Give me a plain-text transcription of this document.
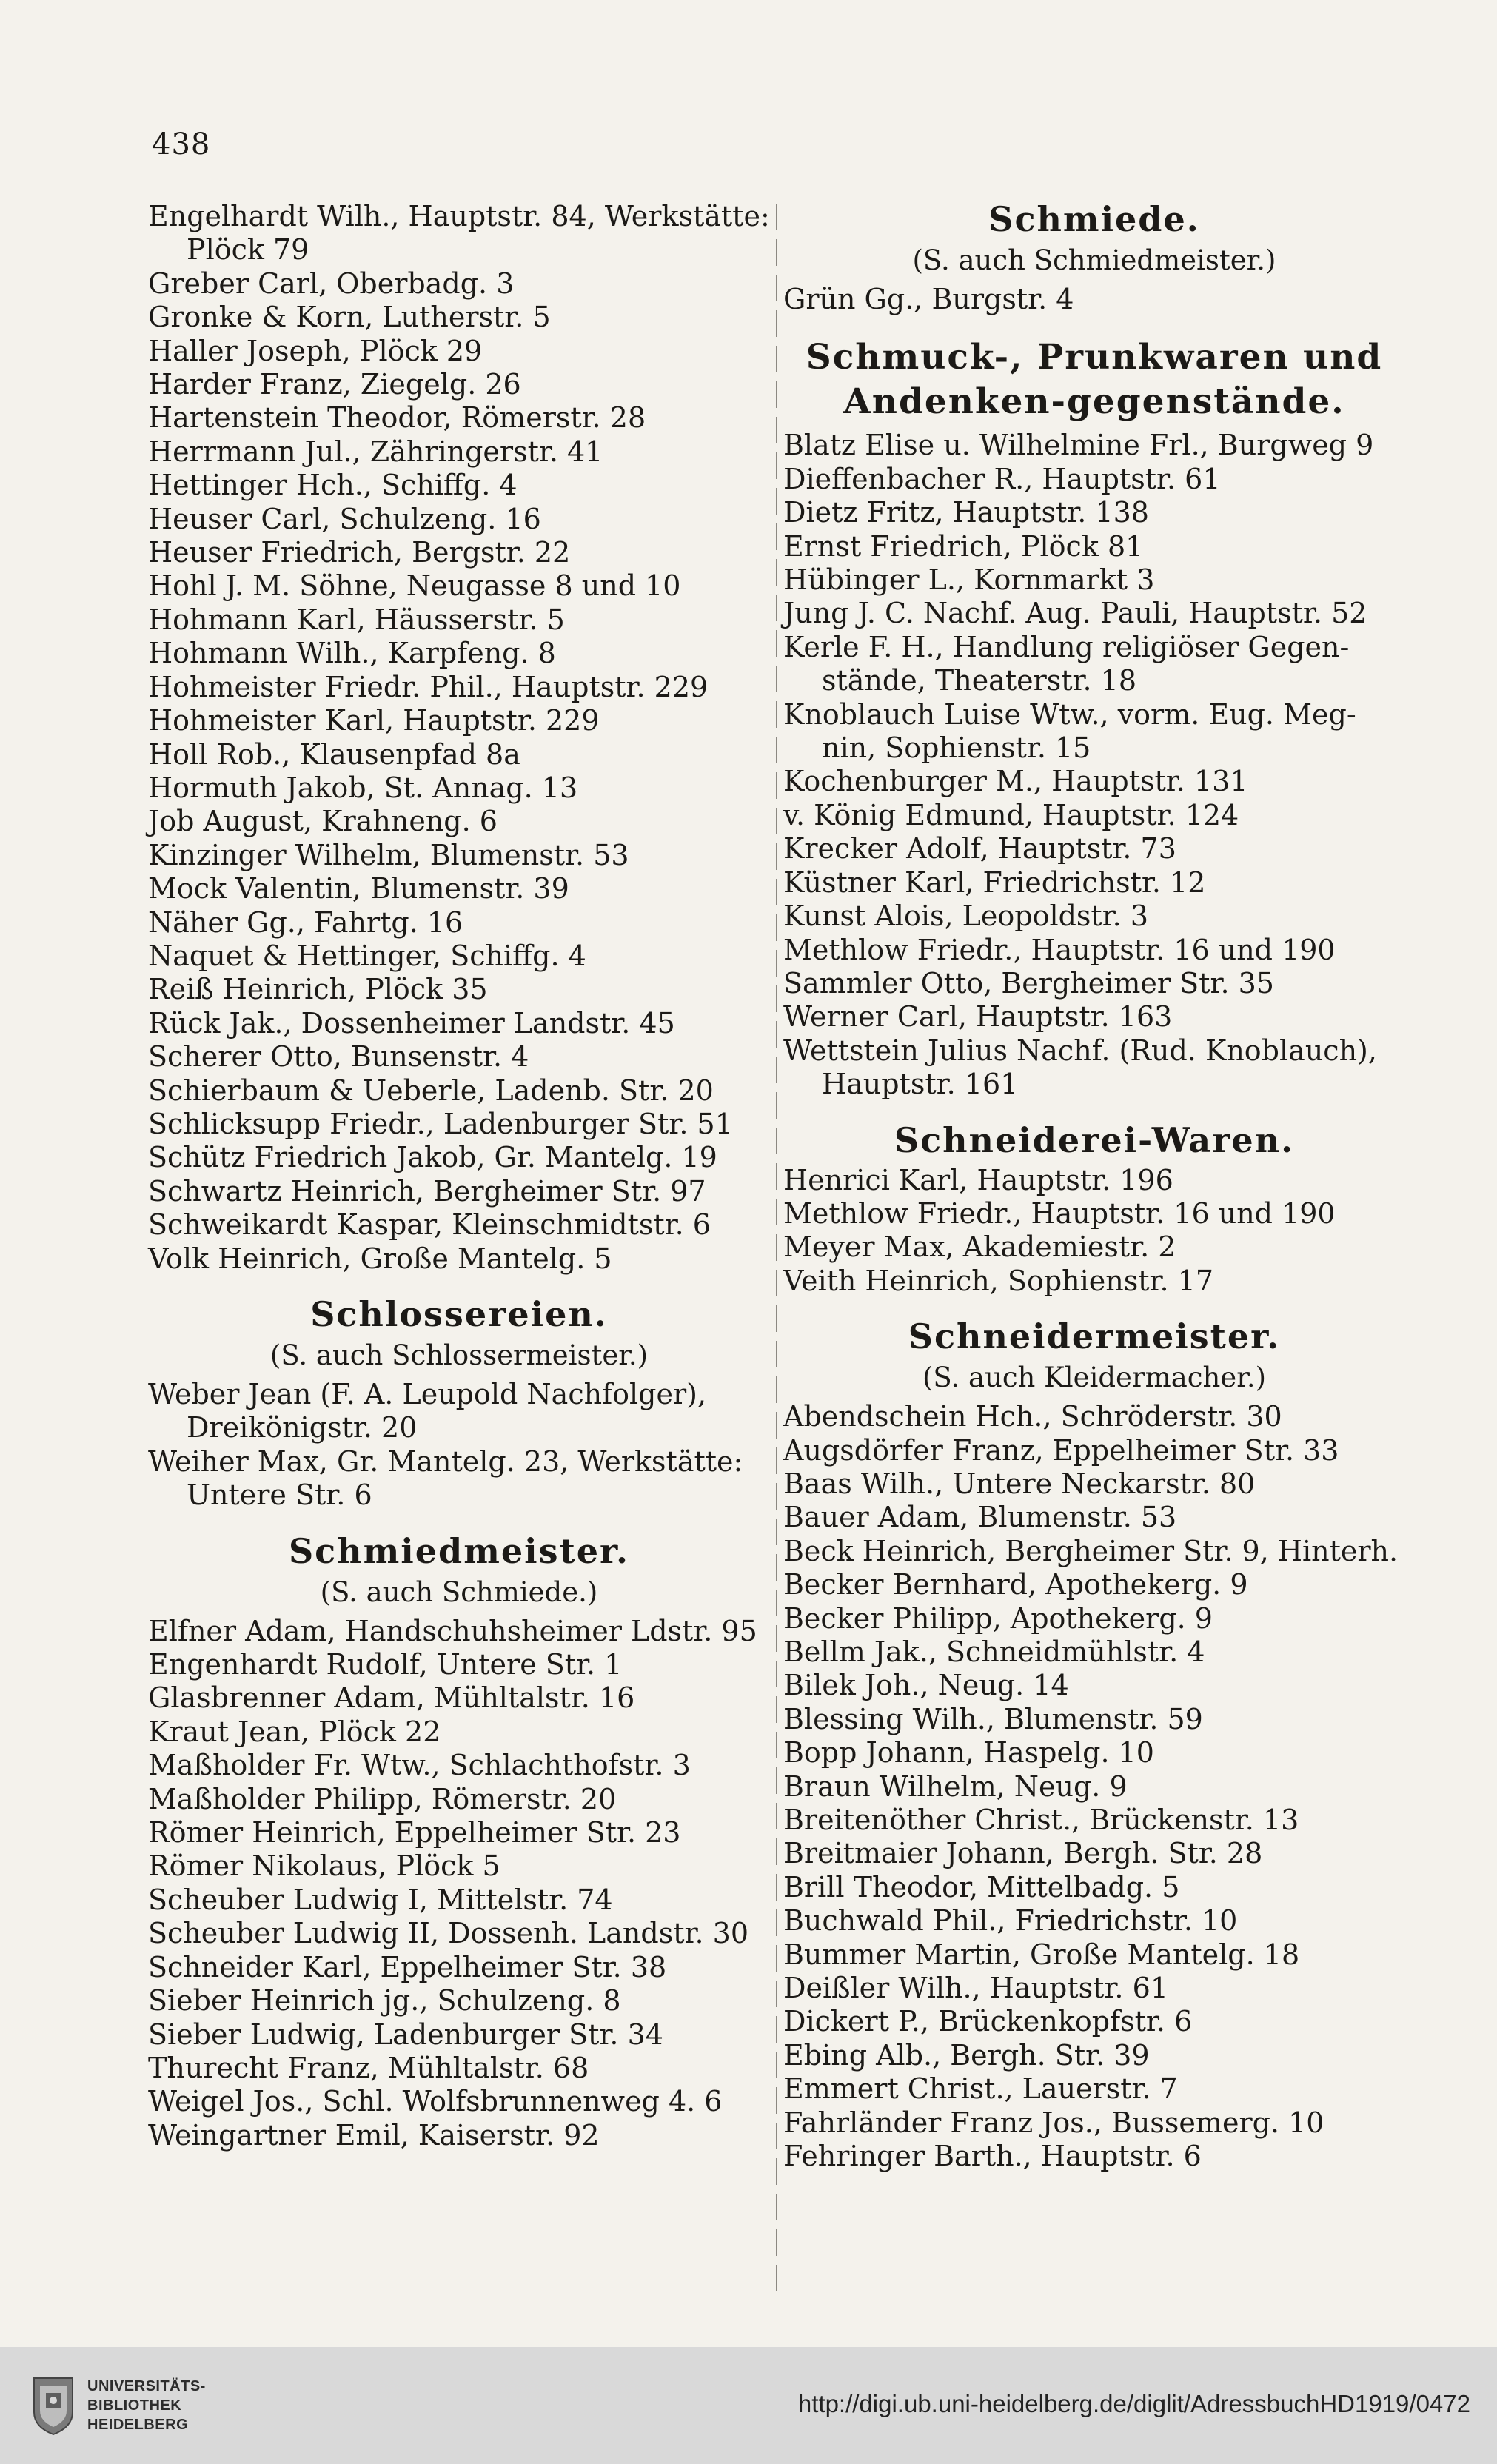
438
Engelhardt Wilh., Hauptstr. 84, Werkstätte:
Plöck 79
Greber Carl, Oberbadg. 3
Gronke & Korn, Lutherstr. 5
Haller Joseph, Plöck 29
Harder Franz, Ziegelg. 26
Hartenstein Theodor, Römerstr. 28
Herrmann Jul., Zähringerstr. 41
Hettinger Hch., Schiffg. 4
Heuser Carl, Schulzeng. 16
Heuser Friedrich, Bergstr. 22
Hohl J. M. Söhne, Neugasse 8 und 10
Hohmann Karl, Häusserstr. 5
Hohmann Wilh., Karpfeng. 8
Hohmeister Friedr. Phil., Hauptstr. 229
Hohmeister Karl, Hauptstr. 229
Holl Rob., Klausenpfad 8a
Hormuth Jakob, St. Annag. 13
Job August, Krahneng. 6
Kinzinger Wilhelm, Blumenstr. 53
Mock Valentin, Blumenstr. 39
Näher Gg., Fahrtg. 16
Naquet & Hettinger, Schiffg. 4
Reiß Heinrich, Plöck 35
Rück Jak., Dossenheimer Landstr. 45
Scherer Otto, Bunsenstr. 4
Schierbaum & Ueberle, Ladenb. Str. 20
Schlicksupp Friedr., Ladenburger Str. 51
Schütz Friedrich Jakob, Gr. Mantelg. 19
Schwartz Heinrich, Bergheimer Str. 97
Schweikardt Kaspar, Kleinschmidtstr. 6
Volk Heinrich, Große Mantelg. 5
Schlossereien.
(S. auch Schlossermeister.)
Weber Jean (F. A. Leupold Nachfolger),
Dreikönigstr. 20
Weiher Max, Gr. Mantelg. 23, Werkstätte:
Untere Str. 6
Schmiedmeister.
(S. auch Schmiede.)
Elfner Adam, Handschuhsheimer Ldstr. 95
Engenhardt Rudolf, Untere Str. 1
Glasbrenner Adam, Mühltalstr. 16
Kraut Jean, Plöck 22
Maßholder Fr. Wtw., Schlachthofstr. 3
Maßholder Philipp, Römerstr. 20
Römer Heinrich, Eppelheimer Str. 23
Römer Nikolaus, Plöck 5
Scheuber Ludwig I, Mittelstr. 74
Scheuber Ludwig II, Dossenh. Landstr. 30
Schneider Karl, Eppelheimer Str. 38
Sieber Heinrich jg., Schulzeng. 8
Sieber Ludwig, Ladenburger Str. 34
Thurecht Franz, Mühltalstr. 68
Weigel Jos., Schl. Wolfsbrunnenweg 4. 6
Weingartner Emil, Kaiserstr. 92
Schmiede.
(S. auch Schmiedmeister.)
Grün Gg., Burgstr. 4
Schmuck-, Prunkwaren und Andenken-gegenstände.
Blatz Elise u. Wilhelmine Frl., Burgweg 9
Dieffenbacher R., Hauptstr. 61
Dietz Fritz, Hauptstr. 138
Ernst Friedrich, Plöck 81
Hübinger L., Kornmarkt 3
Jung J. C. Nachf. Aug. Pauli, Hauptstr. 52
Kerle F. H., Handlung religiöser Gegen-
stände, Theaterstr. 18
Knoblauch Luise Wtw., vorm. Eug. Meg-
nin, Sophienstr. 15
Kochenburger M., Hauptstr. 131
v. König Edmund, Hauptstr. 124
Krecker Adolf, Hauptstr. 73
Küstner Karl, Friedrichstr. 12
Kunst Alois, Leopoldstr. 3
Methlow Friedr., Hauptstr. 16 und 190
Sammler Otto, Bergheimer Str. 35
Werner Carl, Hauptstr. 163
Wettstein Julius Nachf. (Rud. Knoblauch),
Hauptstr. 161
Schneiderei-Waren.
Henrici Karl, Hauptstr. 196
Methlow Friedr., Hauptstr. 16 und 190
Meyer Max, Akademiestr. 2
Veith Heinrich, Sophienstr. 17
Schneidermeister.
(S. auch Kleidermacher.)
Abendschein Hch., Schröderstr. 30
Augsdörfer Franz, Eppelheimer Str. 33
Baas Wilh., Untere Neckarstr. 80
Bauer Adam, Blumenstr. 53
Beck Heinrich, Bergheimer Str. 9, Hinterh.
Becker Bernhard, Apothekerg. 9
Becker Philipp, Apothekerg. 9
Bellm Jak., Schneidmühlstr. 4
Bilek Joh., Neug. 14
Blessing Wilh., Blumenstr. 59
Bopp Johann, Haspelg. 10
Braun Wilhelm, Neug. 9
Breitenöther Christ., Brückenstr. 13
Breitmaier Johann, Bergh. Str. 28
Brill Theodor, Mittelbadg. 5
Buchwald Phil., Friedrichstr. 10
Bummer Martin, Große Mantelg. 18
Deißler Wilh., Hauptstr. 61
Dickert P., Brückenkopfstr. 6
Ebing Alb., Bergh. Str. 39
Emmert Christ., Lauerstr. 7
Fahrländer Franz Jos., Bussemerg. 10
Fehringer Barth., Hauptstr. 6
UNIVERSITÄTS-
BIBLIOTHEK
HEIDELBERG
http://digi.ub.uni-heidelberg.de/diglit/AdressbuchHD1919/0472
